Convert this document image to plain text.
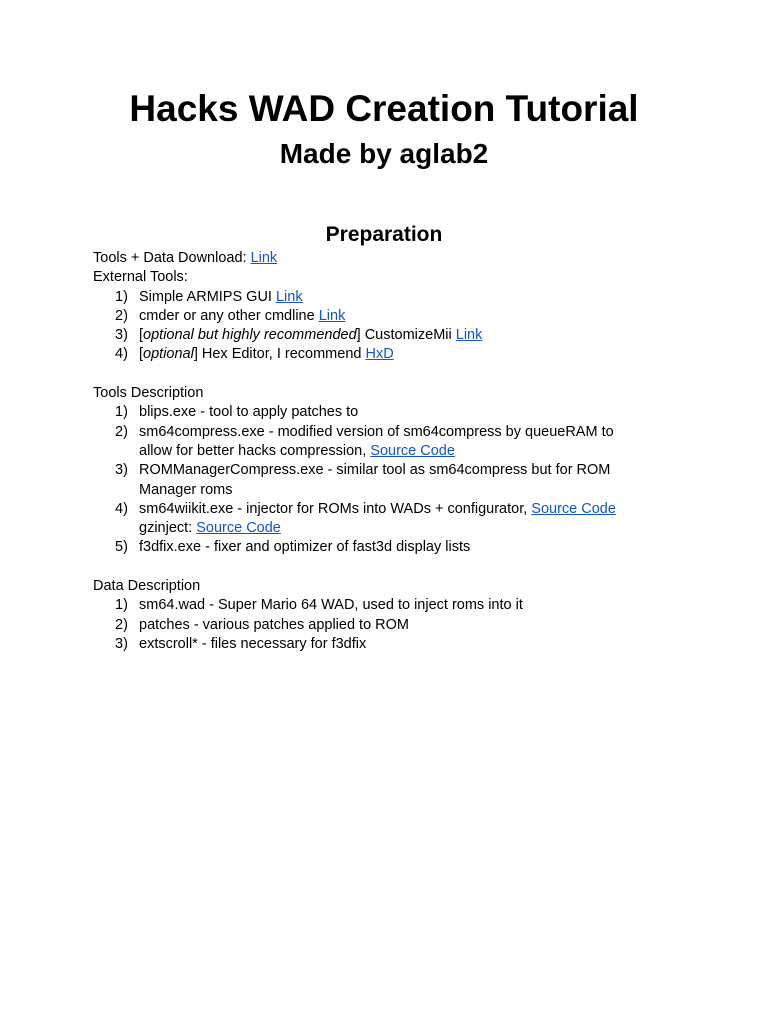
Hacks WAD Creation Tutorial
Made by aglab2
Preparation
Tools + Data Download: Link
External Tools:
1) Simple ARMIPS GUI Link
2) cmder or any other cmdline Link
3) [optional but highly recommended] CustomizeMii Link
4) [optional] Hex Editor, I recommend HxD
Tools Description
1) blips.exe - tool to apply patches to
2) sm64compress.exe - modified version of sm64compress by queueRAM to
allow for better hacks compression, Source Code
3) ROMManagerCompress.exe - similar tool as sm64compress but for ROM
Manager roms
4) sm64wiikit.exe - injector for ROMs into WADs + configurator, Source Code
gzinject: Source Code
5) f3dfix.exe - fixer and optimizer of fast3d display lists
Data Description
1) sm64.wad - Super Mario 64 WAD, used to inject roms into it
2) patches - various patches applied to ROM
3) extscroll* - files necessary for f3dfix
